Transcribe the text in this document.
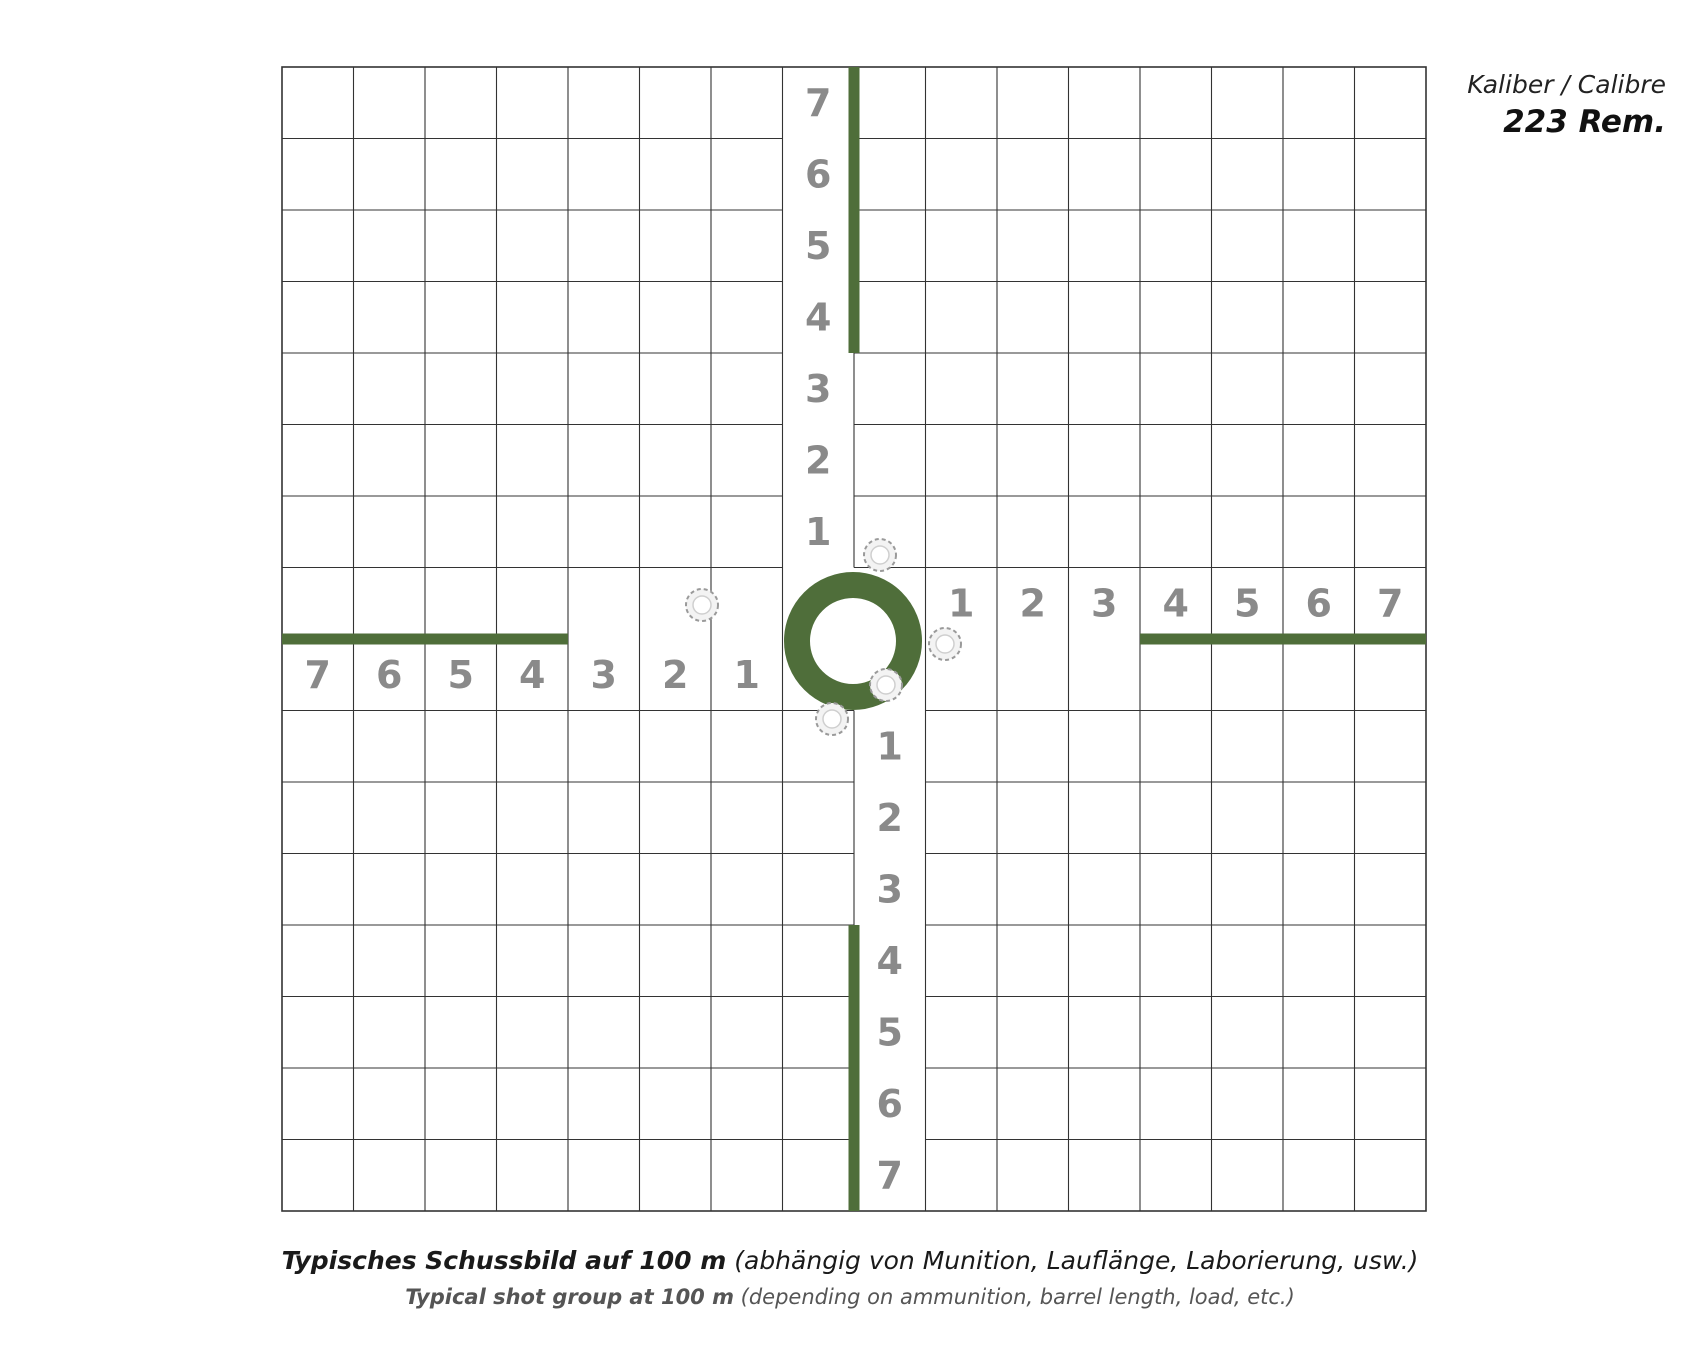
7
6
5
4
3
2
1
1
2
3
4
5
6
7
7 6 5 4 3 2 1
1 2 3 4 5 6 7
Kaliber / Calibre
223 Rem.
Typisches Schussbild auf 100 m (abhängig von Munition, Lauflänge, Laborierung, usw.)
Typical shot group at 100 m (depending on ammunition, barrel length, load, etc.)
